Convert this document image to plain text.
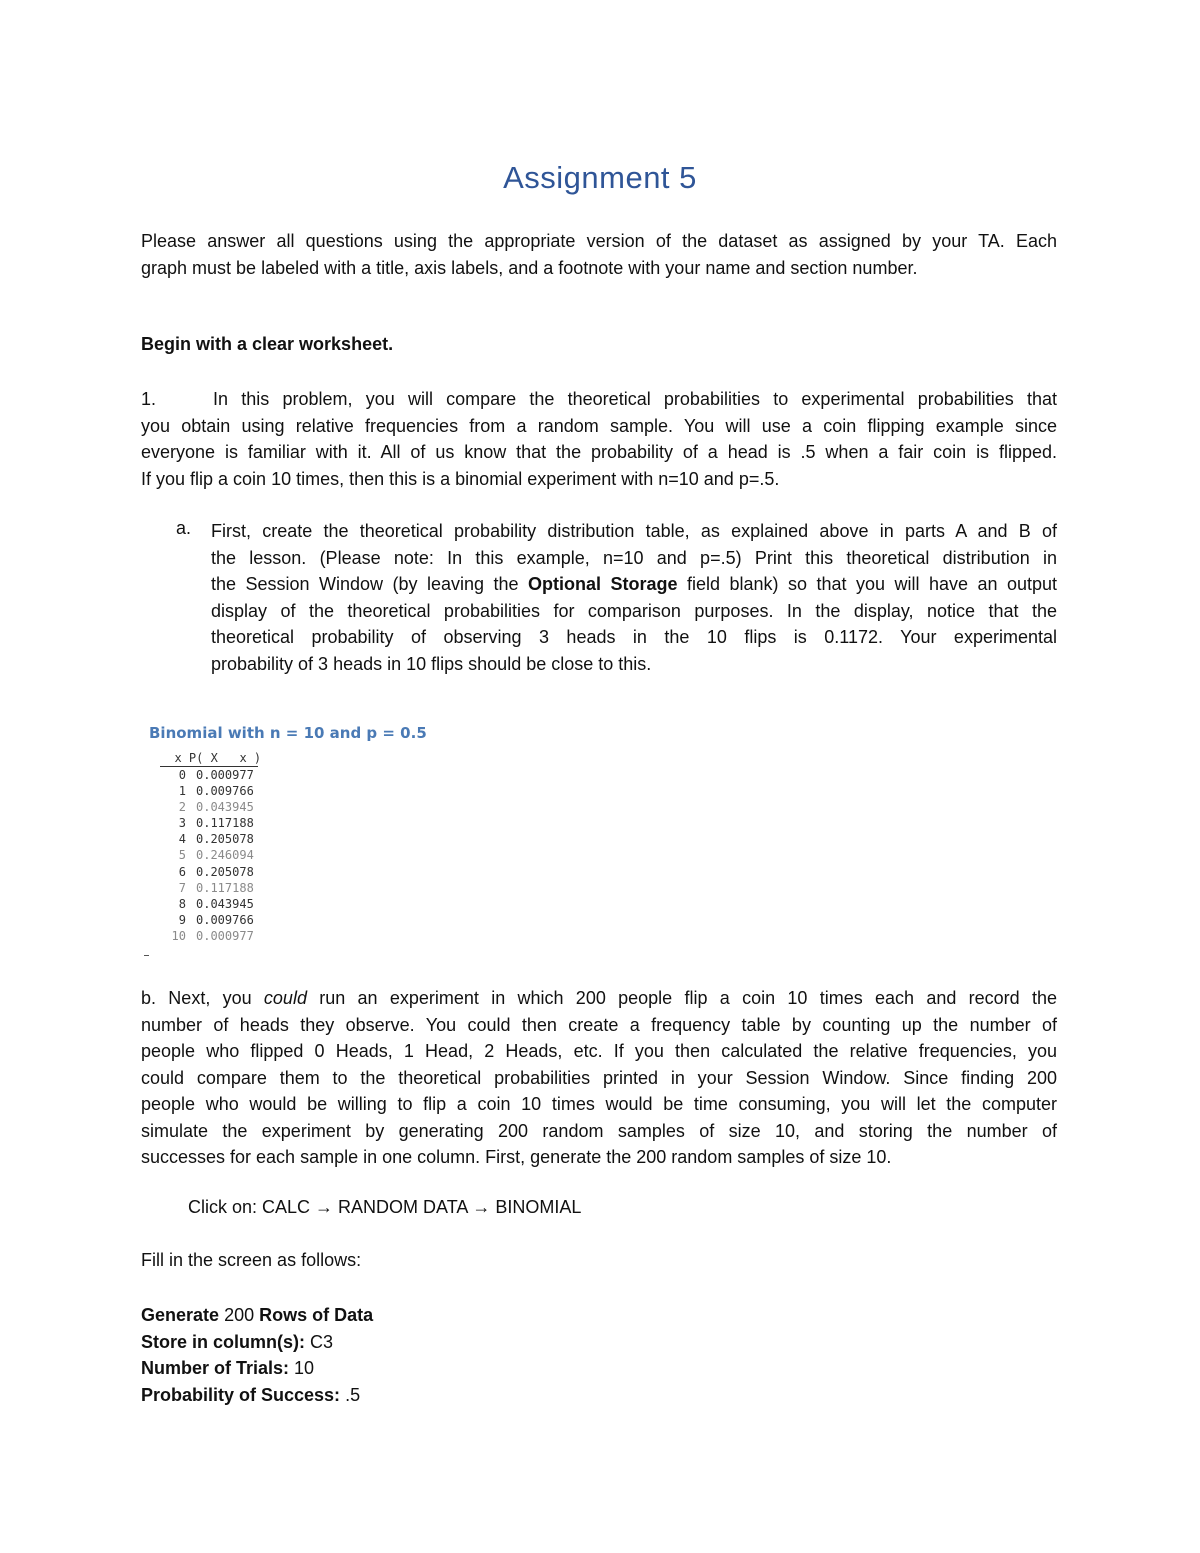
Assignment 5
Please answer all questions using the appropriate version of the dataset as assigned by your TA. Each
graph must be labeled with a title, axis labels, and a footnote with your name and section number.
Begin with a clear worksheet.
1.	In this problem, you will compare the theoretical probabilities to experimental probabilities that
you obtain using relative frequencies from a random sample. You will use a coin flipping example since
everyone is familiar with it. All of us know that the probability of a head is .5 when a fair coin is flipped.
If you flip a coin 10 times, then this is a binomial experiment with n=10 and p=.5.
a. First, create the theoretical probability distribution table, as explained above in parts A and B of
the lesson. (Please note: In this example, n=10 and p=.5) Print this theoretical distribution in
the Session Window (by leaving the Optional Storage field blank) so that you will have an output
display of the theoretical probabilities for comparison purposes. In the display, notice that the
theoretical probability of observing 3 heads in the 10 flips is 0.1172. Your experimental
probability of 3 heads in 10 flips should be close to this.
Binomial with n = 10 and p = 0.5
x P( X   x )
0 0.000977
1 0.009766
2 0.043945
3 0.117188
4 0.205078
5 0.246094
6 0.205078
7 0.117188
8 0.043945
9 0.009766
10 0.000977
b. Next, you could run an experiment in which 200 people flip a coin 10 times each and record the
number of heads they observe. You could then create a frequency table by counting up the number of
people who flipped 0 Heads, 1 Head, 2 Heads, etc. If you then calculated the relative frequencies, you
could compare them to the theoretical probabilities printed in your Session Window. Since finding 200
people who would be willing to flip a coin 10 times would be time consuming, you will let the computer
simulate the experiment by generating 200 random samples of size 10, and storing the number of
successes for each sample in one column. First, generate the 200 random samples of size 10.
Click on: CALC → RANDOM DATA → BINOMIAL
Fill in the screen as follows:
Generate 200 Rows of Data
Store in column(s): C3
Number of Trials: 10
Probability of Success: .5
